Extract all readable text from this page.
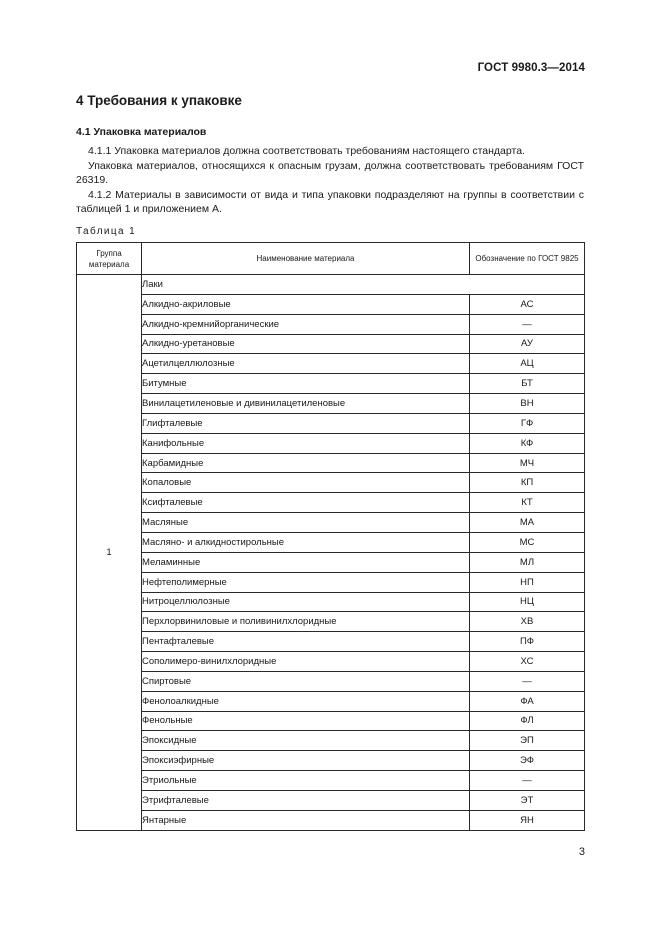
ГОСТ 9980.3—2014
4 Требования к упаковке
4.1 Упаковка материалов
4.1.1 Упаковка материалов должна соответствовать требованиям настоящего стандарта.
Упаковка материалов, относящихся к опасным грузам, должна соответствовать требованиям ГОСТ 26319.
4.1.2 Материалы в зависимости от вида и типа упаковки подразделяют на группы в соответствии с таблицей 1 и приложением А.
Таблица 1
Группа материала	Наименование материала	Обозначение по ГОСТ 9825
1	Лаки	
	Алкидно-акриловые	АС
	Алкидно-кремнийорганические	—
	Алкидно-уретановые	АУ
	Ацетилцеллюлозные	АЦ
	Битумные	БТ
	Винилацетиленовые и дивинилацетиленовые	ВН
	Глифталевые	ГФ
	Канифольные	КФ
	Карбамидные	МЧ
	Копаловые	КП
	Ксифталевые	КТ
	Масляные	МА
	Масляно- и алкидностирольные	МС
	Меламинные	МЛ
	Нефтеполимерные	НП
	Нитроцеллюлозные	НЦ
	Перхлорвиниловые и поливинилхлоридные	ХВ
	Пентафталевые	ПФ
	Сополимеро-винилхлоридные	ХС
	Спиртовые	—
	Фенолоалкидные	ФА
	Фенольные	ФЛ
	Эпоксидные	ЭП
	Эпоксиэфирные	ЭФ
	Этриольные	—
	Этрифталевые	ЭТ
	Янтарные	ЯН
3
